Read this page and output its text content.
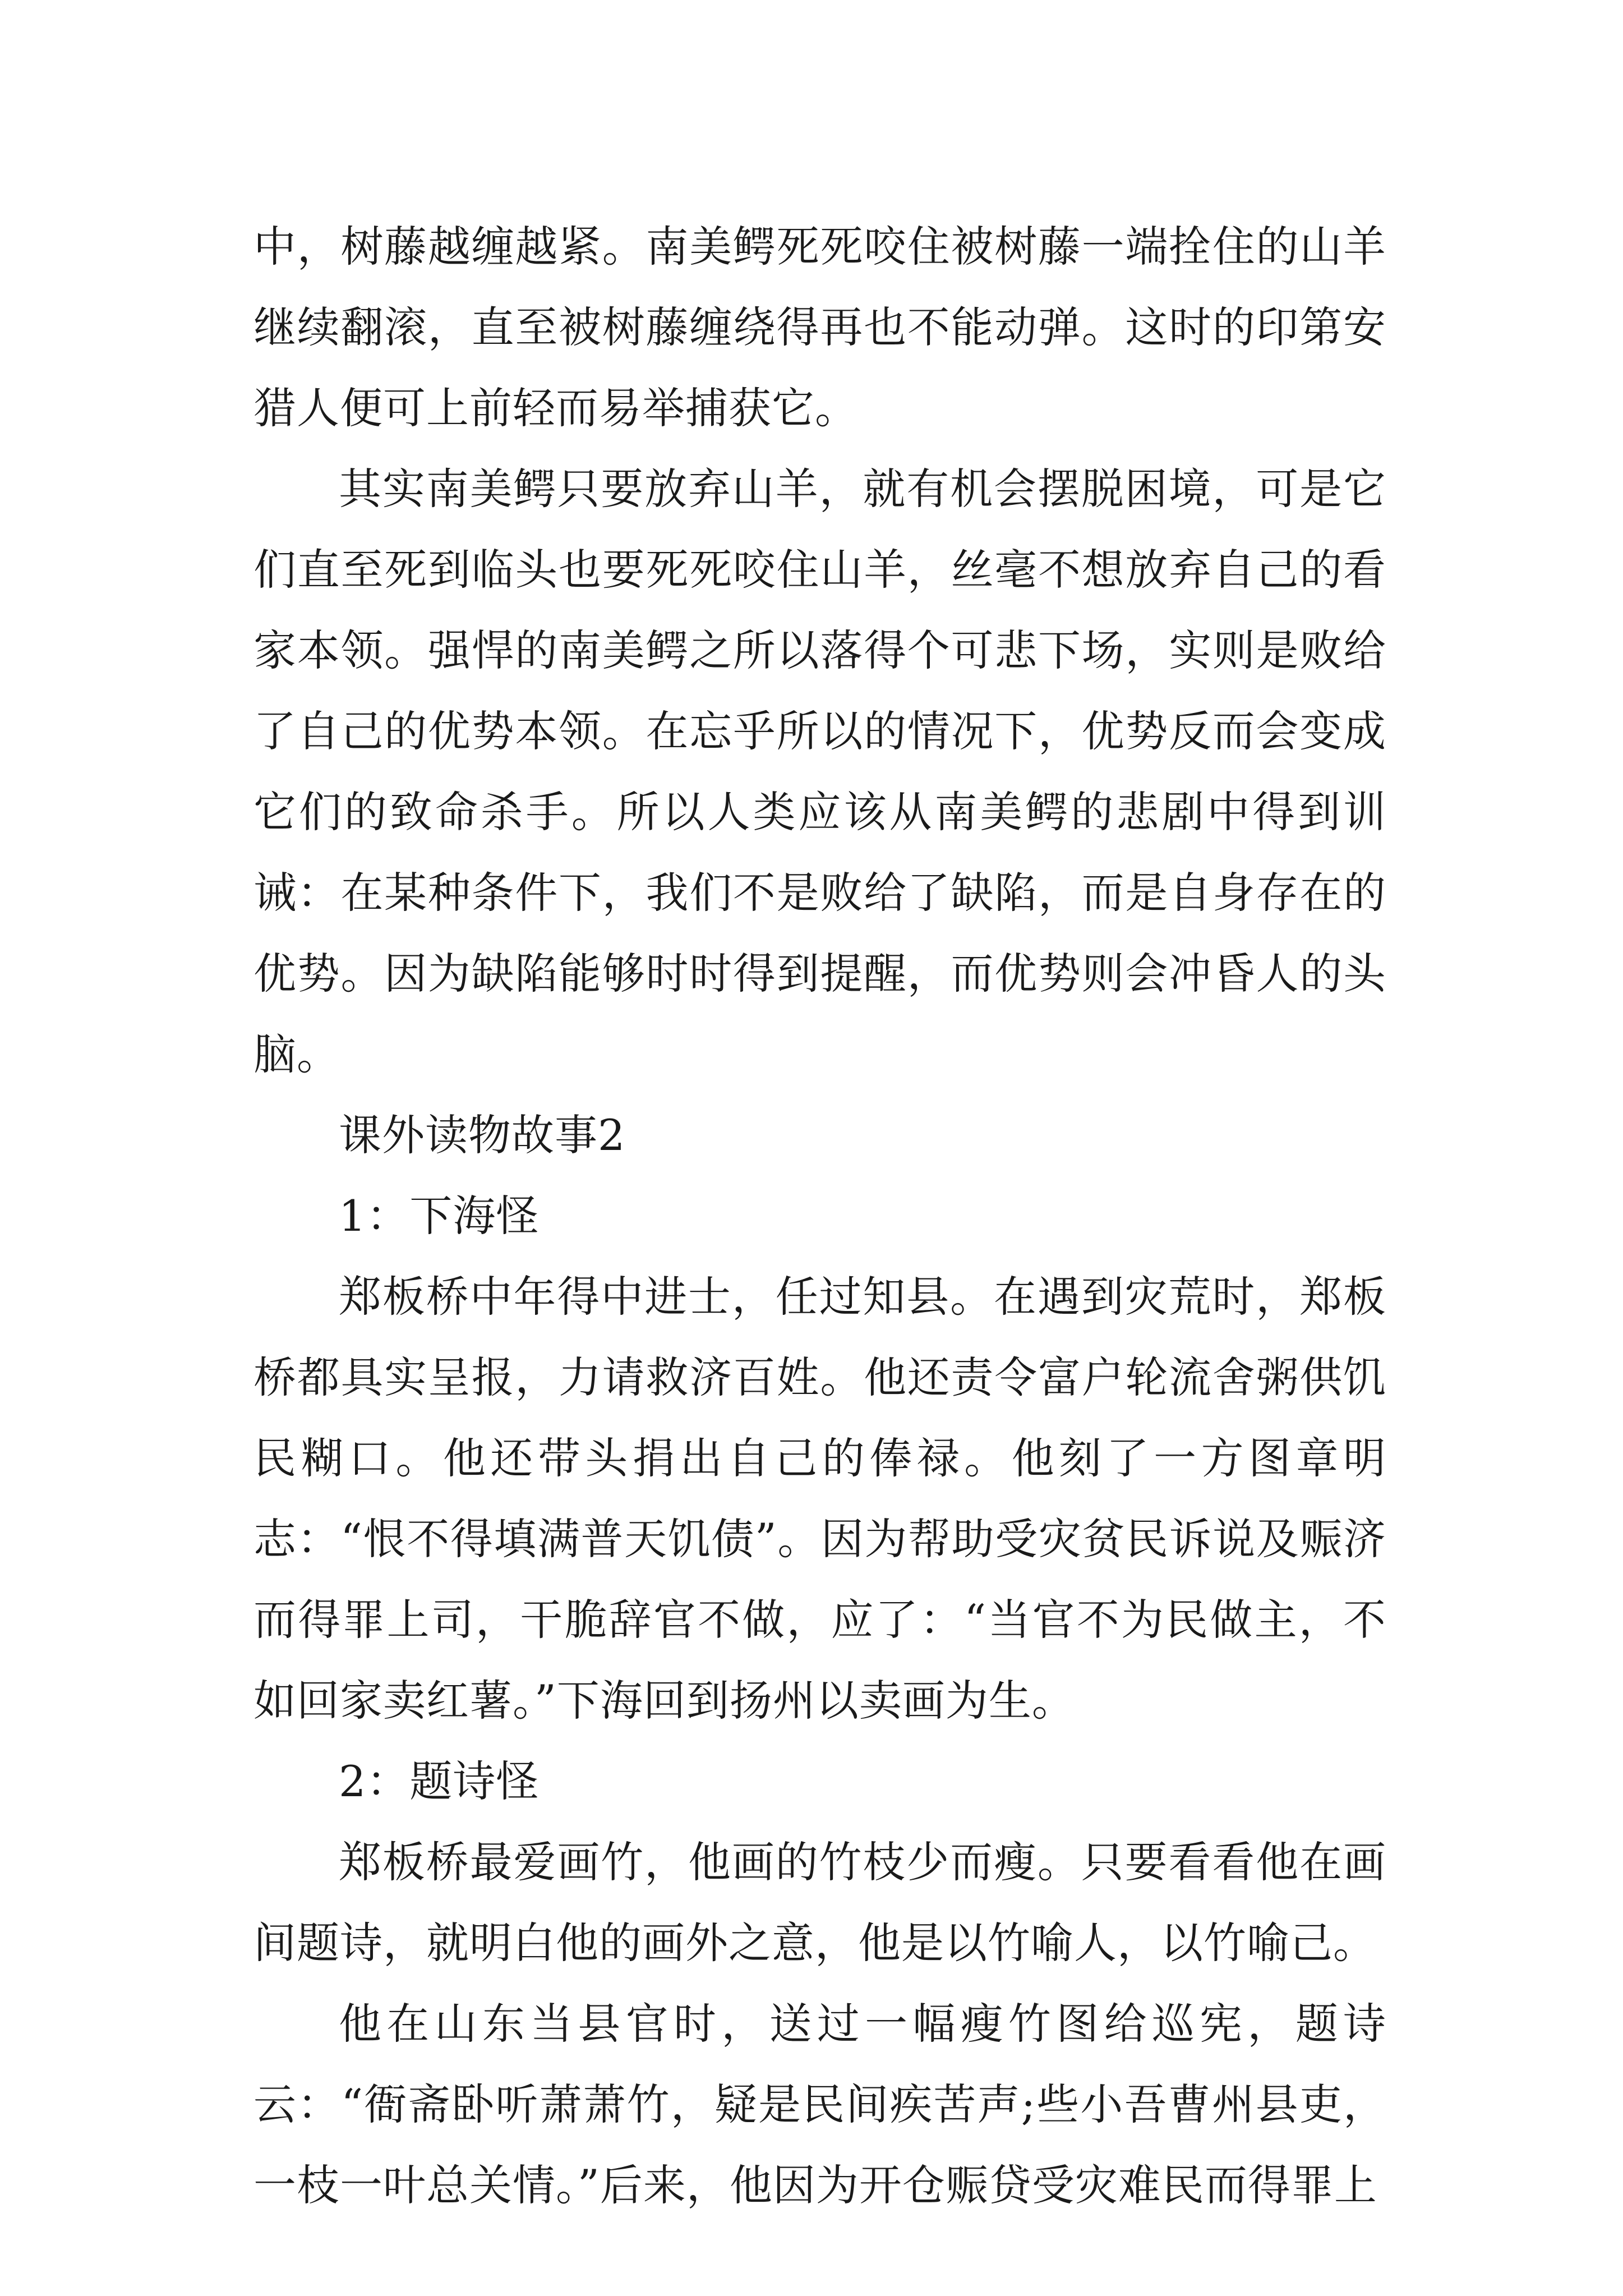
中，树藤越缠越紧。南美鳄死死咬住被树藤一端拴住的山羊继续翻滚，直至被树藤缠绕得再也不能动弹。这时的印第安猎人便可上前轻而易举捕获它。

其实南美鳄只要放弃山羊，就有机会摆脱困境，可是它们直至死到临头也要死死咬住山羊，丝毫不想放弃自己的看家本领。强悍的南美鳄之所以落得个可悲下场，实则是败给了自己的优势本领。在忘乎所以的情况下，优势反而会变成它们的致命杀手。所以人类应该从南美鳄的悲剧中得到训诫：在某种条件下，我们不是败给了缺陷，而是自身存在的优势。因为缺陷能够时时得到提醒，而优势则会冲昏人的头脑。

课外读物故事2

1：下海怪

郑板桥中年得中进士，任过知县。在遇到灾荒时，郑板桥都具实呈报，力请救济百姓。他还责令富户轮流舍粥供饥民糊口。他还带头捐出自己的俸禄。他刻了一方图章明志：“恨不得填满普天饥债”。因为帮助受灾贫民诉说及赈济而得罪上司，干脆辞官不做，应了：“当官不为民做主，不如回家卖红薯。”下海回到扬州以卖画为生。

2：题诗怪

郑板桥最爱画竹，他画的竹枝少而瘦。只要看看他在画间题诗，就明白他的画外之意，他是以竹喻人，以竹喻己。

他在山东当县官时，送过一幅瘦竹图给巡宪，题诗云：“衙斋卧听萧萧竹，疑是民间疾苦声;些小吾曹州县吏，一枝一叶总关情。”后来，他因为开仓赈贷受灾难民而得罪上
